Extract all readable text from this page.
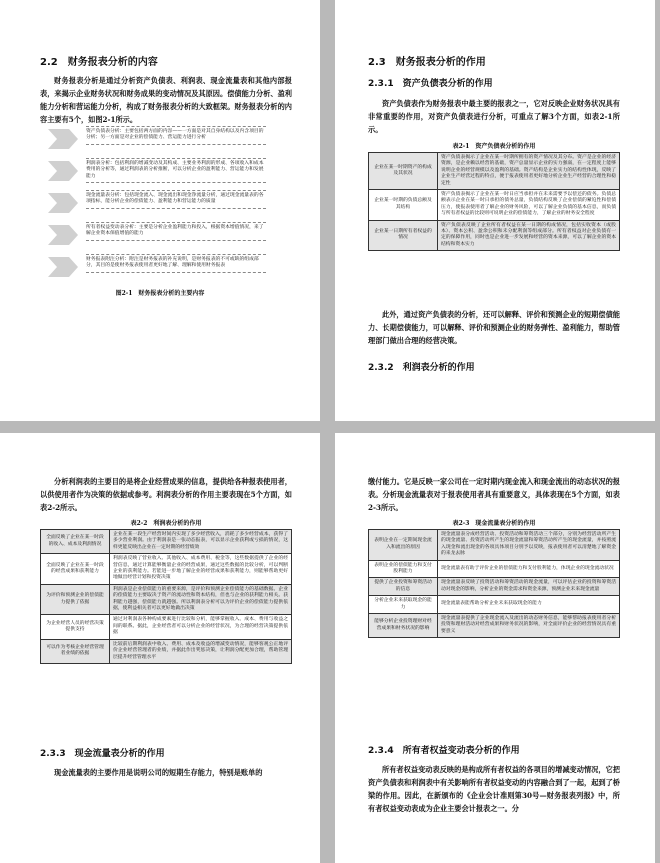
2.2　财务报表分析的内容
财务报表分析是通过分析资产负债表、利润表、现金流量表和其他内部报表，来揭示企业财务状况和财务成果的变动情况及其原因。偿债能力分析、盈利能力分析和营运能力分析，构成了财务报表分析的大致框架。财务报表分析的内容主要有5个，如图2-1所示。
资产负债表分析：主要包括两方面的内容——一方面是对其自身结构以及内含项目的分析；另一方面是对企业的偿债能力、营运能力进行分析
利润表分析：包括利润的增减变动及其构成、主要业务利润的形成、各项收入和成本费用的分析等，通过利润表的分析推断，可以分析企业的盈利能力、营运能力和发展能力
现金流量表分析：包括现金流入、现金流出和现金净流量分析，通过现金流量表的各项指标，能分析企业的偿债能力、盈利能力和营运能力的质量
所有者权益变动表分析：主要是分析企业盈利能力和投入，根据资本增值情况，来了解企业资本保值增值的能力
财务报表附注分析：附注是财务报表的补充说明，是财务报表的不可或缺的组成部分，其目的是使财务报表使用者更好地了解、理解和使用财务报表
图2-1　财务报表分析的主要内容
2.3　财务报表分析的作用
2.3.1　资产负债表分析的作用
资产负债表作为财务报表中最主要的报表之一，它对反映企业财务状况具有非常重要的作用，对资产负债表进行分析，可重点了解3个方面，如表2-1所示。
表2-1　资产负债表分析的作用
企业在某一时期资产的构成及其状况	资产负债表揭示了企业在某一时期所拥有的资产情况及其分布。资产是企业的经济资源，是企业赖以经营的基础，资产总量显示企业的实力强弱，在一定程度上能够说明企业的经营规模以及盈利的基础。资产结构是企业实力的结构性体现，反映了企业生产经营过程的特点，便于报表使用者更好地分析企业生产经营的合理性和稳定性
企业某一时期的负债总额及其结构	资产负债表揭示了企业在某一时日应当承担并在未来需要予以偿还的债务。负债总额表示企业在某一时日承担的债务总量，负债结构反映了企业偿债的紧迫性和偿债压力，使报表使用者了解企业的财务风险，可以了解企业负债的基本信息，而负债与所有者权益的比较则可说明企业的偿债能力，了解企业的财务安全程度
企业某一日期所有者权益的情况	资产负债表反映了企业所有者权益在某一日期的构成情况，包括实收资本（或股本）、资本公积、盈余公积和未分配利润等组成部分。所有者权益对企业负债有一定的保障作用，同时也是企业进一步发展和经营的资本来源，可以了解企业的资本结构和资本实力
此外，通过资产负债表的分析，还可以解释、评价和预测企业的短期偿债能力、长期偿债能力，可以解释、评价和预测企业的财务弹性、盈利能力，帮助管理部门做出合理的经营决策。
2.3.2　利润表分析的作用
分析利润表的主要目的是将企业经营成果的信息，提供给各种报表使用者，以供使用者作为决策的依据或参考。利润表分析的作用主要表现在5个方面，如表2-2所示。
表2-2　利润表分析的作用
全面反映了企业在某一时段的收入、成本及利润情况	企业在某一段生产经营时间内实现了多少经营收入，消耗了多少经营成本，获得了多少营业利润。由于利润表是一张动态报表，可以显示企业获利或亏损的情况，这样更能反映出企业在一定时期的经营绩效
全面反映了企业在某一时段的经营成果和获利能力	利润表反映了营业收入、其他收入、成本费用、税金等，这些数据提供了企业的经营信息，通过计算能够衡量企业的经营成果，通过这些数据的比较分析，可以判断企业的获利能力。若能进一步地了解企业的经营成果和获利能力，则能够帮助更好地做出经营计划和投资决策
为评价和预测企业的偿债能力提供了依据	利润表是企业偿债能力的重要来源，是评价和预测企业偿债能力的基础数据。企业的偿债能力主要取决于资产的流动性和资本结构，但也与企业的获利能力相关。获利能力越强，偿债能力就越强。所以利润表分析可以为评价企业的偿债能力提供依据，使利益相关者可以更好地做出决策
为企业经营人员的经营决策提供支持	通过对利润表各种构成要素进行比较和分析，能够掌握收入、成本、费用与收益之间的联系。据此，企业经营者可以分析企业的经营状况，为合理的经营决策提供依据
可以作为考核企业经营管理者业绩的依据	比较前后期利润表中收入、费用、成本及收益的增减变动情况，能够客观公正地评价企业经营管理者的业绩，并据此作出奖惩决策，让利润分配更加合理，帮助管理层提升经营管理水平
2.3.3　现金流量表分析的作用
现金流量表的主要作用是说明公司的短期生存能力，特别是账单的
缴付能力。它是反映一家公司在一定时期内现金流入和现金流出的动态状况的报表。分析现金流量表对于报表使用者具有重要意义，具体表现在5个方面，如表2-3所示。
表2-3　现金流量表分析的作用
表明企业在一定期间现金流入和流出的原因	现金流量表分成经营活动、投资活动和筹资活动三个部分，分别为经营活动所产生的现金流量、投资活动所产生的现金流量和筹资活动所产生的现金流量，并按照流入现金和流出现金的各项具体项目分别予以反映，报表使用者可以清楚地了解资金的来龙去脉
表明企业的偿债能力和支付股利能力	现金流量表有助于评价企业的偿债能力和支付股利能力，体现企业的现金流动状况
提供了企业投资和筹资活动的信息	现金流量表反映了投资活动和筹资活动的现金流量，可以评估企业的投资和筹资活动对现金的影响，分析企业的资金需求和资金来源，预测企业未来现金流量
分析企业未来获取现金的能力	现金流量表能帮助分析企业未来获取现金的能力
能够分析企业投资理财对经营成果和财务状况的影响	现金流量表提供了企业现金流入及流出的动态财务信息，能够帮助报表使用者分析投资和理财活动对经营成果和财务状况的影响，对全面评价企业的经营情况具有重要意义
2.3.4　所有者权益变动表分析的作用
所有者权益变动表反映的是构成所有者权益的各项目的增减变动情况，它把资产负债表和利润表中有关影响所有者权益变动的内容融合到了一起，起到了桥梁的作用。因此，在新颁布的《企业会计准则第30号—财务报表列报》中，所有者权益变动表成为企业主要会计报表之一。分
